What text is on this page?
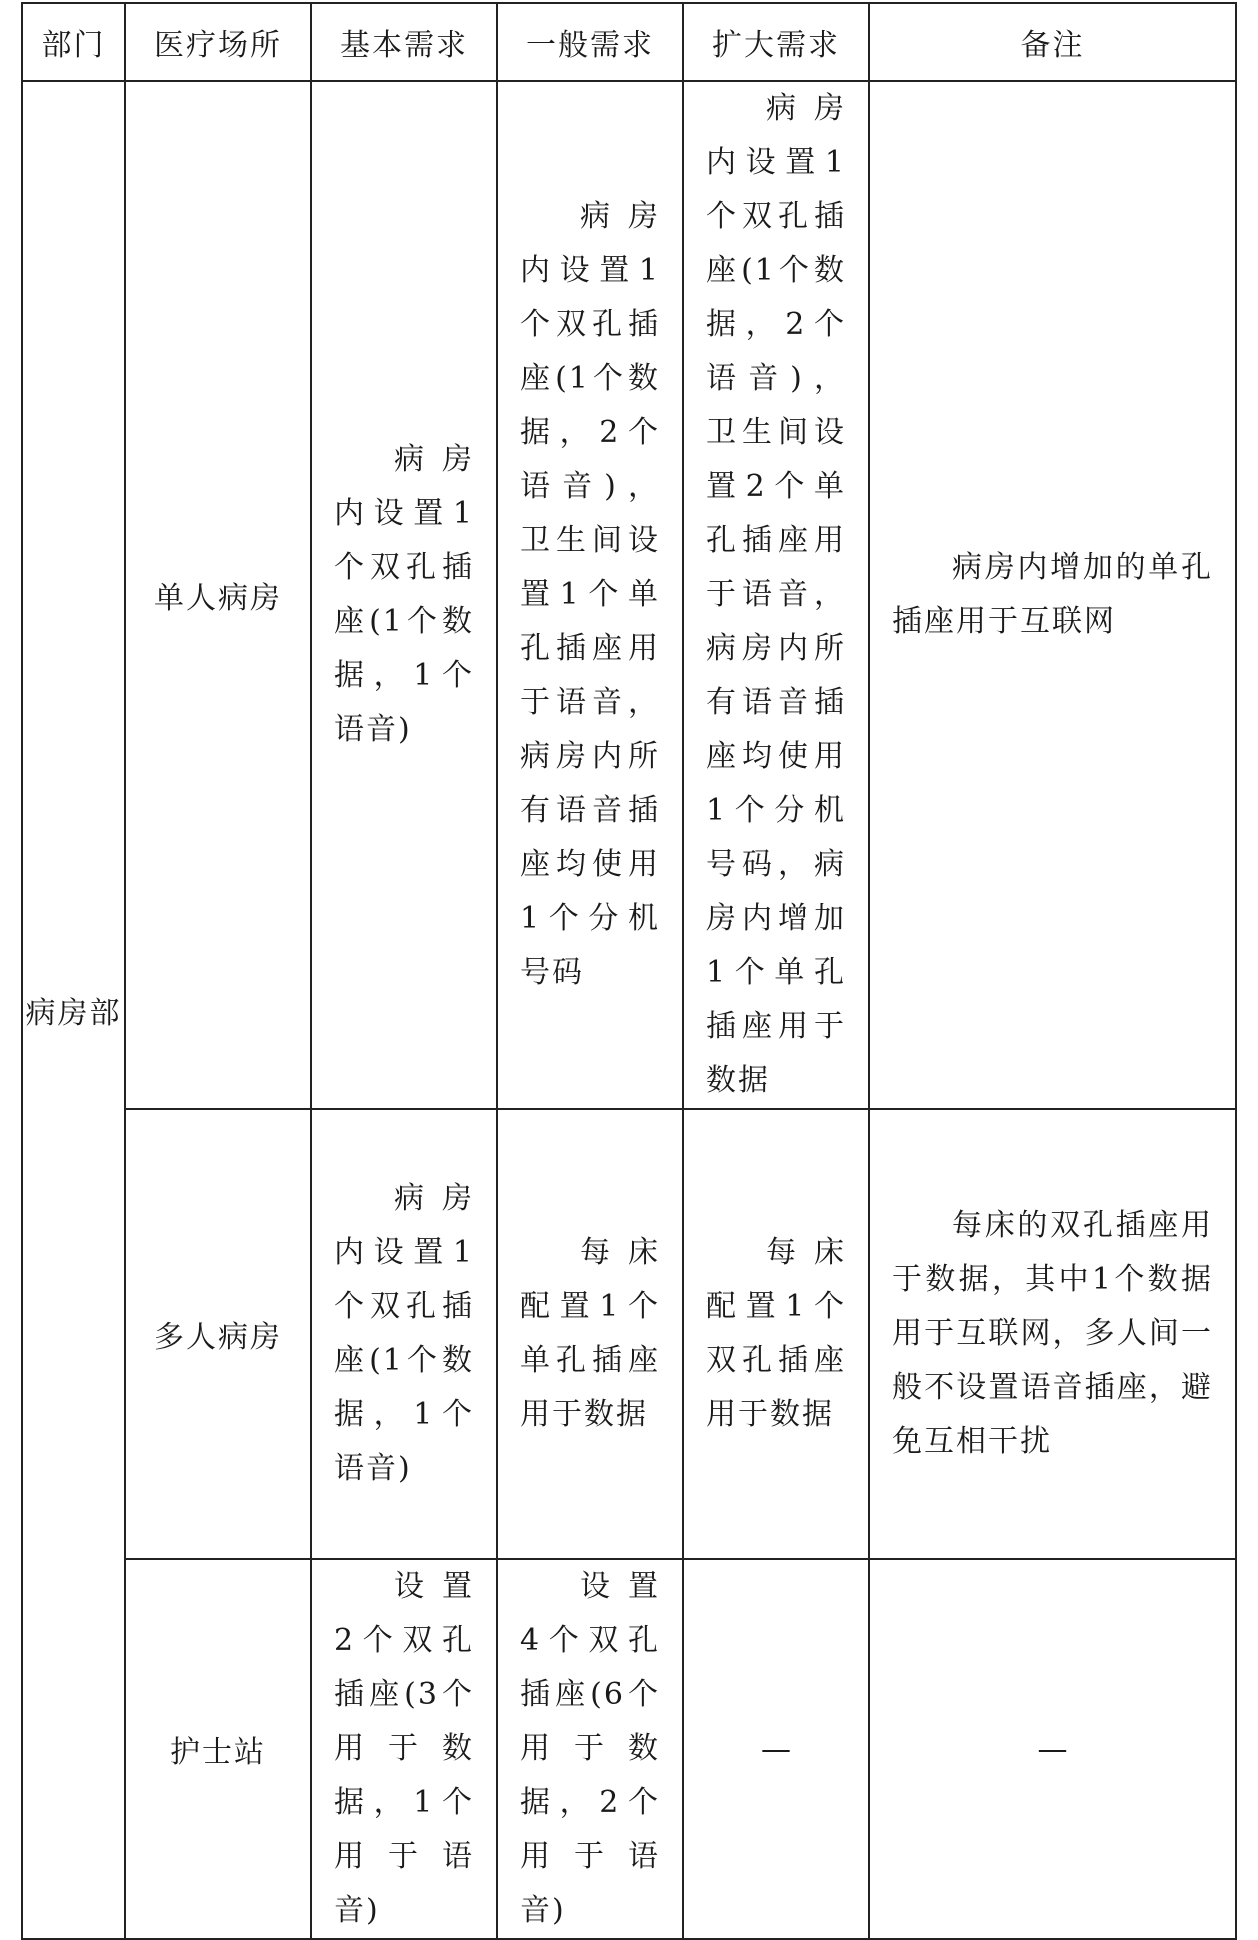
部门	医疗场所	基本需求	一般需求	扩大需求	备注
病房部	单人病房	病房内设置1个双孔插座(1个数据，1个语音)	病房内设置1个双孔插座(1个数据，2个语音)，卫生间设置1个单孔插座用于语音，病房内所有语音插座均使用1个分机号码	病房内设置1个双孔插座(1个数据，2个语音)，卫生间设置2个单孔插座用于语音，病房内所有语音插座均使用1个分机号码，病房内增加1个单孔插座用于数据	病房内增加的单孔插座用于互联网

	多人病房	病房内设置1个双孔插座(1个数据，1个语音)	每床配置1个单孔插座用于数据	每床配置1个双孔插座用于数据	每床的双孔插座用于数据，其中1个数据用于互联网，多人间一般不设置语音插座，避免互相干扰

	护士站	设置2个双孔插座(3个用于数据，1个用于语音)	设置4个双孔插座(6个用于数据，2个用于语音)	—	—
